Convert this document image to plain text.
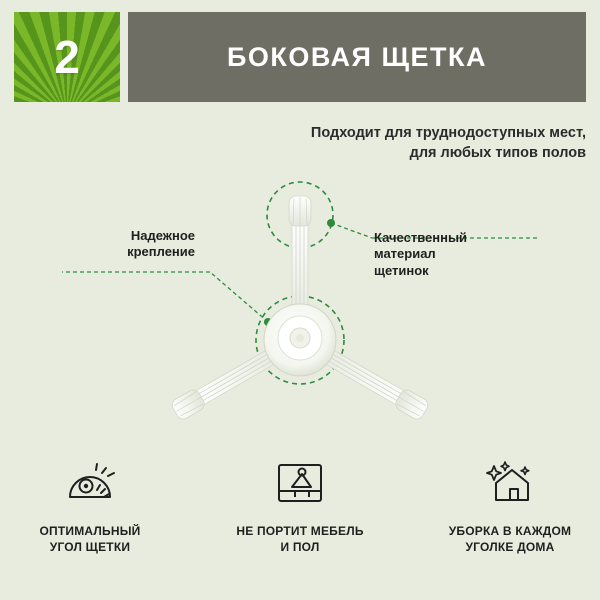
2	БОКОВАЯ ЩЕТКА
Подходит для труднодоступных мест,
для любых типов полов
Надежное
крепление
Качественный
материал
щетинок
ОПТИМАЛЬНЫЙ
УГОЛ ЩЕТКИ
НЕ ПОРТИТ МЕБЕЛЬ
И ПОЛ
УБОРКА В КАЖДОМ
УГОЛКЕ ДОМА
